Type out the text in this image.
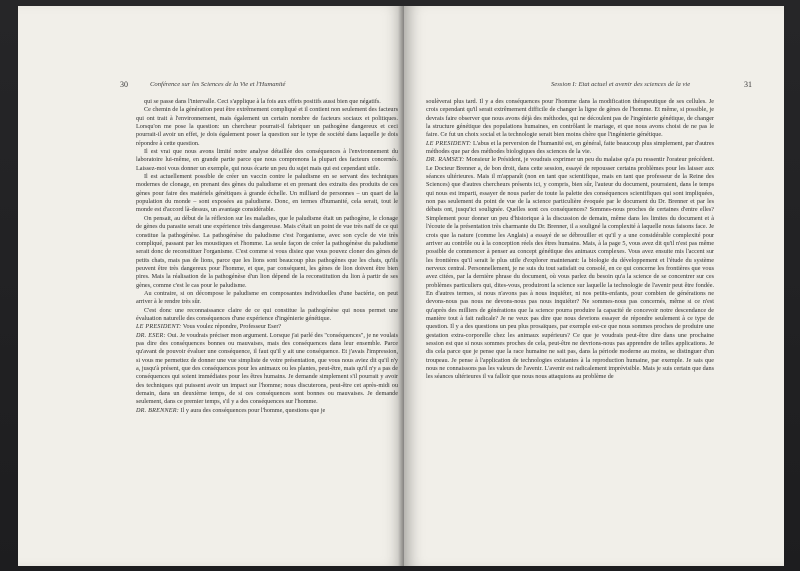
30	Conférence sur les Sciences de la Vie et l'Humanité

qui se passe dans l'intervalle. Ceci s'applique à la fois aux effets positifs aussi bien que négatifs.

Ce chemin de la génération peut être extrêmement compliqué et il contient non seulement des facteurs qui ont trait à l'environnement, mais également un certain nombre de facteurs sociaux et politiques. Lorsqu'on me pose la question: un chercheur pourrait-il fabriquer un pathogène dangereux et ceci pourrait-il avoir un effet, je dois également poser la question sur le type de société dans laquelle je dois répondre à cette question.

Il est vrai que nous avons limité notre analyse détaillée des conséquences à l'environnement du laboratoire lui-même, en grande partie parce que nous comprenons la plupart des facteurs concernés. Laissez-moi vous donner un exemple, qui nous écarte un peu du sujet mais qui est cependant utile.

Il est actuellement possible de créer un vaccin contre le paludisme en se servant des techniques modernes de clonage, en prenant des gènes du paludisme et en prenant des extraits des produits de ces gènes pour faire des matériels génétiques à grande échelle. Un milliard de personnes – un quart de la population du monde – sont exposées au paludisme. Donc, en termes d'humanité, cela serait, tout le monde est d'accord là-dessus, un avantage considérable.

On pensait, au début de la réflexion sur les maladies, que le paludisme était un pathogène, le clonage de gènes du parasite serait une expérience très dangereuse. Mais c'était un point de vue très naïf de ce qui constitue la pathogénèse. La pathogénèse du paludisme c'est l'organisme, avec son cycle de vie très compliqué, passant par les moustiques et l'homme. La seule façon de créer la pathogénèse du paludisme serait donc de reconstituer l'organisme. C'est comme si vous disiez que vous pouvez cloner des gènes de petits chats, mais pas de lions, parce que les lions sont beaucoup plus pathogènes que les chats, qu'ils peuvent être très dangereux pour l'homme, et que, par conséquent, les gènes de lion doivent être bien pires. Mais la réalisation de la pathogénèse d'un lion dépend de la reconstitution du lion à partir de ses gènes, comme c'est le cas pour le paludisme.

Au contraire, si on décompose le paludisme en composantes individuelles d'une bactérie, on peut arriver à le rendre très sûr.

C'est donc une reconnaissance claire de ce qui constitue la pathogénèse qui nous permet une évaluation naturelle des conséquences d'une expérience d'ingénierie génétique.

LE PRESIDENT: Vous voulez répondre, Professeur Eser?

DR. ESER: Oui. Je voudrais préciser mon argument. Lorsque j'ai parlé des "conséquences", je ne voulais pas dire des conséquences bonnes ou mauvaises, mais des conséquences dans leur ensemble. Parce qu'avant de pouvoir évaluer une conséquence, il faut qu'il y ait une conséquence. Et j'avais l'impression, si vous me permettez de donner une vue simpliste de votre présentation, que vous nous aviez dit qu'il n'y a, jusqu'à présent, que des conséquences pour les animaux ou les plantes, peut-être, mais qu'il n'y a pas de conséquences qui soient immédiates pour les êtres humains. Je demande simplement s'il pourrait y avoir des techniques qui puissent avoir un impact sur l'homme; nous discuterons, peut-être cet après-midi ou demain, dans un deuxième temps, de si ces conséquences sont bonnes ou mauvaises. Je demande seulement, dans ce premier temps, s'il y a des conséquences sur l'homme.

DR. BRENNER: Il y aura des conséquences pour l'homme, questions que je

Session I: Etat actuel et avenir des sciences de la vie	31

soulèverai plus tard. Il y a des conséquences pour l'homme dans la modification thérapeutique de ses cellules. Je crois cependant qu'il serait extrêmement difficile de changer la ligne de gènes de l'homme. Et même, si possible, je devrais faire observer que nous avons déjà des méthodes, qui ne découlent pas de l'ingénierie génétique, de changer la structure génétique des populations humaines, en contrôlant le mariage, et que nous avons choisi de ne pas le faire. Ce fut un choix social et la technologie serait bien moins chère que l'ingénierie génétique.

LE PRESIDENT: L'abus et la perversion de l'humanité est, en général, faite beaucoup plus simplement, par d'autres méthodes que par des méthodes biologiques des sciences de la vie.

DR. RAMSEY: Monsieur le Président, je voudrais exprimer un peu du malaise qu'a pu ressentir l'orateur précédent. Le Docteur Brenner a, de bon droit, dans cette session, essayé de repousser certains problèmes pour les laisser aux séances ultérieures. Mais il m'apparaît (non en tant que scientifique, mais en tant que professeur de la Reine des Sciences) que d'autres chercheurs présents ici, y compris, bien sûr, l'auteur du document, pourraient, dans le temps qui nous est imparti, essayer de nous parler de toute la palette des conséquences scientifiques qui sont impliquées, non pas seulement du point de vue de la science particulière évoquée par le document du Dr. Brenner et par les débats ont, jusqu'ici soulignée. Quelles sont ces conséquences? Sommes-nous proches de certaines d'entre elles? Simplement pour donner un peu d'historique à la discussion de demain, même dans les limites du document et à l'écoute de la présentation très charmante du Dr. Brenner, il a souligné la complexité à laquelle nous faisons face. Je crois que la nature (comme les Anglais) a essayé de se débrouiller et qu'il y a une considérable complexité pour arriver au contrôle ou à la conception réels des êtres humains. Mais, à la page 5, vous avez dit qu'il n'est pas même possible de commencer à penser au concept génétique des animaux complexes. Vous avez ensuite mis l'accent sur les frontières qu'il serait le plus utile d'explorer maintenant: la biologie du développement et l'étude du système nerveux central. Personnellement, je ne suis du tout satisfait ou consolé, en ce qui concerne les frontières que vous avez citées, par la dernière phrase du document, où vous parlez du besoin qu'a la science de se concentrer sur ces problèmes particuliers qui, dites-vous, produiront la science sur laquelle la technologie de l'avenir peut être fondée. En d'autres termes, si nous n'avons pas à nous inquiéter, ni nos petits-enfants, pour combien de générations ne devons-nous pas nous ne devons-nous pas nous inquiéter? Ne sommes-nous pas concernés, même si ce n'est qu'après des milliers de générations que la science pourra produire la capacité de concevoir notre descendance de manière tout à fait radicale? Je ne veux pas dire que nous devrions essayer de répondre seulement à ce type de question. Il y a des questions un peu plus prosaïques, par exemple est-ce que nous sommes proches de produire une gestation extra-corporelle chez les animaux supérieurs? Ce que je voudrais peut-être dire dans une prochaine session est que si nous sommes proches de cela, peut-être ne devrions-nous pas apprendre de telles applications. Je dis cela parce que je pense que la race humaine ne sait pas, dans la période moderne au moins, se distinguer d'un troupeau. Je pense à l'application de technologies existantes à la reproduction humaine, par exemple. Je sais que nous ne connaissons pas les valeurs de l'avenir. L'avenir est radicalement imprévisible. Mais je suis certain que dans les séances ultérieures il va falloir que nous nous attaquions au problème de
